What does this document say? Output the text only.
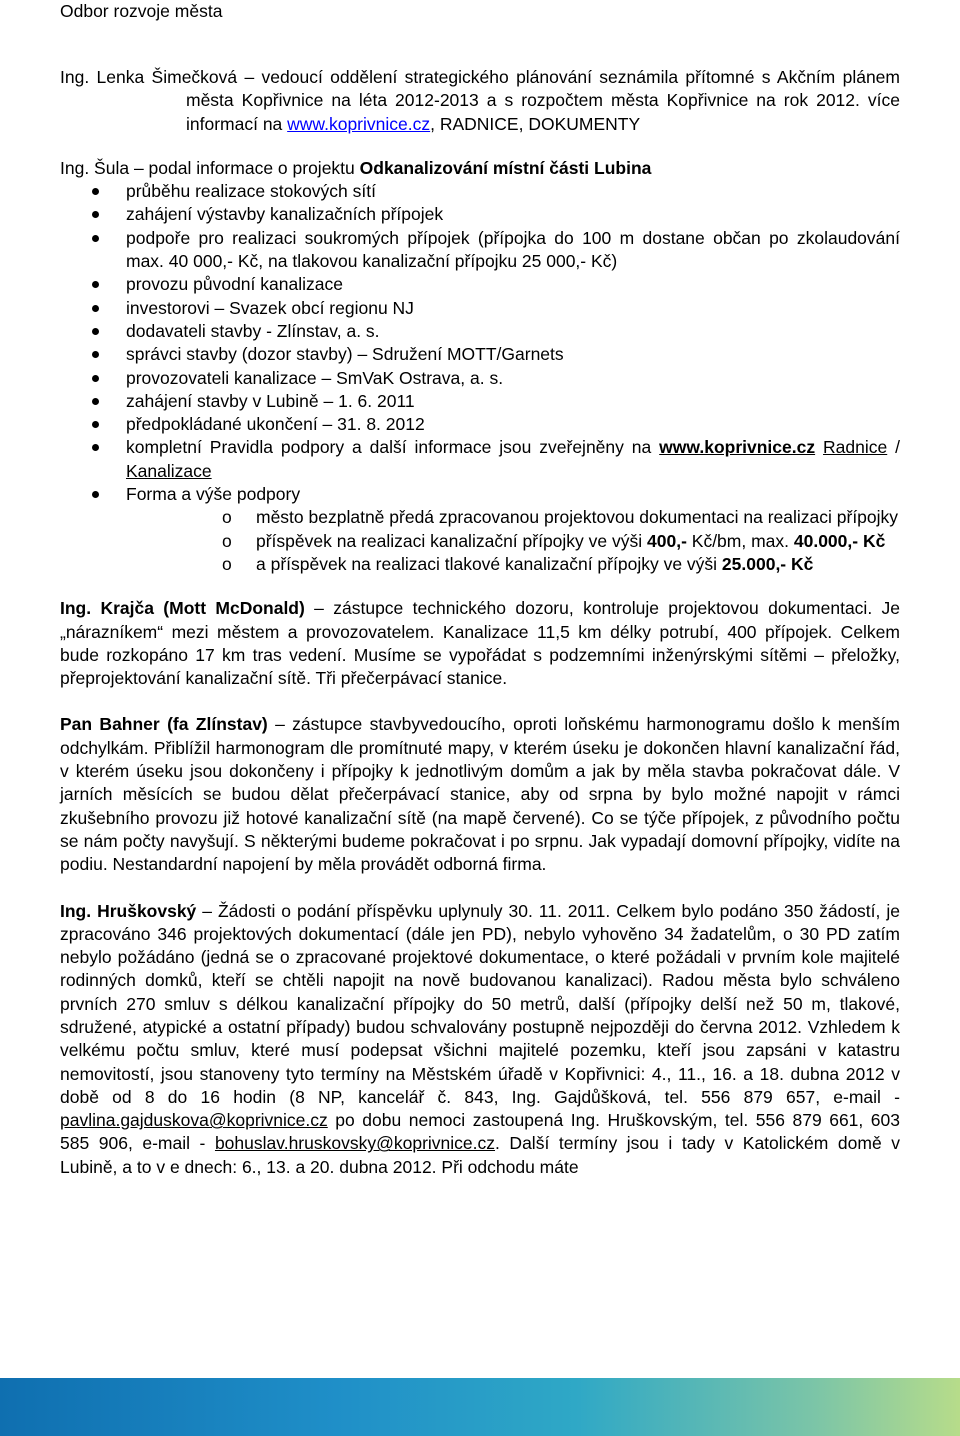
Odbor rozvoje města

Ing. Lenka Šimečková – vedoucí oddělení strategického plánování seznámila přítomné s Akčním plánem města Kopřivnice na léta 2012-2013 a s rozpočtem města Kopřivnice na rok 2012. více informací na www.koprivnice.cz, RADNICE, DOKUMENTY

Ing. Šula – podal informace o projektu Odkanalizování místní části Lubina

průběhu realizace stokových sítí
zahájení výstavby kanalizačních přípojek
podpoře pro realizaci soukromých přípojek (přípojka do 100 m dostane občan po zkolaudování max. 40 000,- Kč, na tlakovou kanalizační přípojku 25 000,- Kč)
provozu původní kanalizace
investorovi – Svazek obcí regionu NJ
dodavateli stavby - Zlínstav, a. s.
správci stavby (dozor stavby) – Sdružení MOTT/Garnets
provozovateli kanalizace – SmVaK Ostrava, a. s.
zahájení stavby v Lubině – 1. 6. 2011
předpokládané ukončení – 31. 8. 2012
kompletní Pravidla podpory a další informace jsou zveřejněny na www.koprivnice.cz Radnice / Kanalizace
Forma a výše podpory
o město bezplatně předá zpracovanou projektovou dokumentaci na realizaci přípojky
o příspěvek na realizaci kanalizační přípojky ve výši 400,- Kč/bm, max. 40.000,- Kč
o a příspěvek na realizaci tlakové kanalizační přípojky ve výši 25.000,- Kč

Ing. Krajča (Mott McDonald) – zástupce technického dozoru, kontroluje projektovou dokumentaci. Je „nárazníkem“ mezi městem a provozovatelem. Kanalizace 11,5 km délky potrubí, 400 přípojek. Celkem bude rozkopáno 17 km tras vedení. Musíme se vypořádat s podzemními inženýrskými sítěmi – přeložky, přeprojektování kanalizační sítě. Tři přečerpávací stanice.

Pan Bahner (fa Zlínstav) – zástupce stavbyvedoucího, oproti loňskému harmonogramu došlo k menším odchylkám. Přiblížil harmonogram dle promítnuté mapy, v kterém úseku je dokončen hlavní kanalizační řád, v kterém úseku jsou dokončeny i přípojky k jednotlivým domům a jak by měla stavba pokračovat dále. V jarních měsících se budou dělat přečerpávací stanice, aby od srpna by bylo možné napojit v rámci zkušebního provozu již hotové kanalizační sítě (na mapě červené). Co se týče přípojek, z původního počtu se nám počty navyšují. S některými budeme pokračovat i po srpnu. Jak vypadají domovní přípojky, vidíte na podiu. Nestandardní napojení by měla provádět odborná firma.

Ing. Hruškovský – Žádosti o podání příspěvku uplynuly 30. 11. 2011. Celkem bylo podáno 350 žádostí, je zpracováno 346 projektových dokumentací (dále jen PD), nebylo vyhověno 34 žadatelům, o 30 PD zatím nebylo požádáno (jedná se o zpracované projektové dokumentace, o které požádali v prvním kole majitelé rodinných domků, kteří se chtěli napojit na nově budovanou kanalizaci). Radou města bylo schváleno prvních 270 smluv s délkou kanalizační přípojky do 50 metrů, další (přípojky delší než 50 m, tlakové, sdružené, atypické a ostatní případy) budou schvalovány postupně nejpozději do června 2012. Vzhledem k velkému počtu smluv, které musí podepsat všichni majitelé pozemku, kteří jsou zapsáni v katastru nemovitostí, jsou stanoveny tyto termíny na Městském úřadě v Kopřivnici: 4., 11., 16. a 18. dubna 2012 v době od 8 do 16 hodin (8 NP, kancelář č. 843, Ing. Gajdůšková, tel. 556 879 657, e-mail - pavlina.gajduskova@koprivnice.cz po dobu nemoci zastoupená Ing. Hruškovským, tel. 556 879 661, 603 585 906, e-mail - bohuslav.hruskovsky@koprivnice.cz. Další termíny jsou i tady v Katolickém domě v Lubině, a to v e dnech: 6., 13. a 20. dubna 2012. Při odchodu máte
